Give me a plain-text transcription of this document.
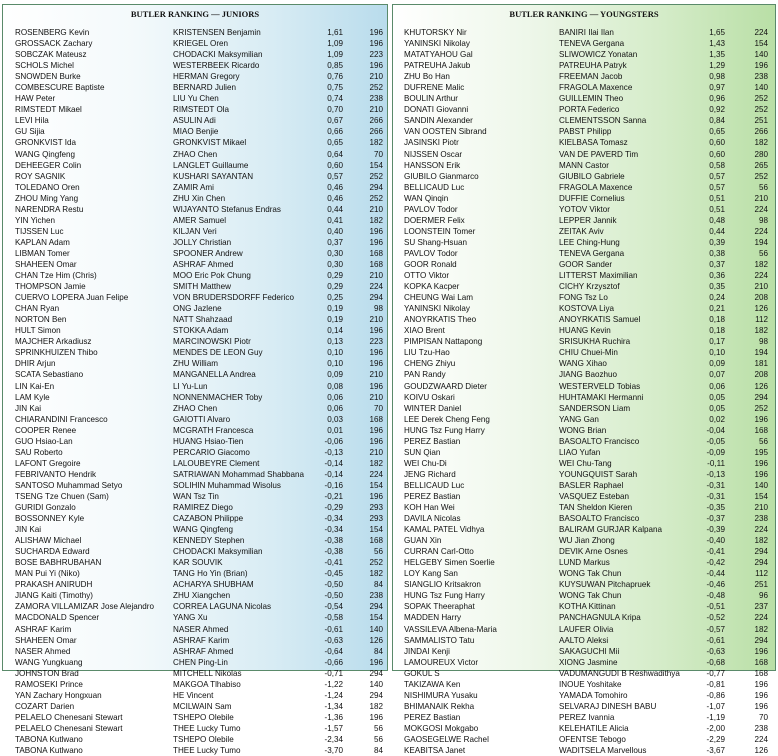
BUTLER RANKING — JUNIORS
ROSENBERG Kevin	KRISTENSEN Benjamin	1,61	196
GROSSACK Zachary	KRIEGEL Oren	1,09	196
SOBCZAK Mateusz	CHODACKI Maksymilian	1,09	223
SCHOLS Michel	WESTERBEEK Ricardo	0,85	196
SNOWDEN Burke	HERMAN Gregory	0,76	210
COMBESCURE Baptiste	BERNARD Julien	0,75	252
HAW Peter	LIU Yu Chen	0,74	238
RIMSTEDT Mikael	RIMSTEDT Ola	0,70	210
LEVI Hila	ASULIN Adi	0,67	266
GU Sijia	MIAO Benjie	0,66	266
GRONKVIST Ida	GRONKVIST Mikael	0,65	182
WANG Qingfeng	ZHAO Chen	0,64	70
DEHEEGER Colin	LANGLET Guillaume	0,60	154
ROY SAGNIK	KUSHARI SAYANTAN	0,57	252
TOLEDANO Oren	ZAMIR Ami	0,46	294
ZHOU Ming Yang	ZHU Xin Chen	0,46	252
NARENDRA Restu	WIJAYANTO Stefanus Endras	0,44	210
YIN Yichen	AMER Samuel	0,41	182
TIJSSEN Luc	KILJAN Veri	0,40	196
KAPLAN Adam	JOLLY Christian	0,37	196
LIBMAN Tomer	SPOONER Andrew	0,30	168
SHAHEEN Omar	ASHRAF Ahmed	0,30	168
CHAN Tze Him (Chris)	MOO Eric Pok Chung	0,29	210
THOMPSON Jamie	SMITH Matthew	0,29	224
CUERVO LOPERA Juan Felipe	VON BRUDERSDORFF Federico	0,25	294
CHAN Ryan	ONG Jazlene	0,19	98
NORTON Ben	NATT Shahzaad	0,19	210
HULT Simon	STOKKA Adam	0,14	196
MAJCHER Arkadiusz	MARCINOWSKI Piotr	0,13	223
SPRINKHUIZEN Thibo	MENDES DE LEON Guy	0,10	196
DHIR Arjun	ZHU William	0,10	196
SCATA Sebastiano	MANGANELLA Andrea	0,09	210
LIN Kai-En	LI Yu-Lun	0,08	196
LAM Kyle	NONNENMACHER Toby	0,06	210
JIN Kai	ZHAO Chen	0,06	70
CHIARANDINI Francesco	GAIOTTI Alvaro	0,03	168
COOPER Renee	MCGRATH Francesca	0,01	196
GUO Hsiao-Lan	HUANG Hsiao-Tien	-0,06	196
SAU Roberto	PERCARIO Giacomo	-0,13	210
LAFONT Gregoire	LALOUBEYRE Clement	-0,14	182
FEBRIVANTO Hendrik	SATRIAWAN Mohammad Shabbana	-0,14	224
SANTOSO Muhammad Setyo	SOLIHIN Muhammad Wisolus	-0,16	154
TSENG Tze Chuen (Sam)	WAN Tsz Tin	-0,21	196
GURIDI Gonzalo	RAMIREZ Diego	-0,29	293
BOSSONNEY Kyle	CAZABON Philippe	-0,34	293
JIN Kai	WANG Qingfeng	-0,34	154
ALISHAW Michael	KENNEDY Stephen	-0,38	168
SUCHARDA Edward	CHODACKI Maksymilian	-0,38	56
BOSE BABHRUBAHAN	KAR SOUVIK	-0,41	252
MAN Pui Yi (Niko)	TANG Ho Yin (Brian)	-0,45	182
PRAKASH ANIRUDH	ACHARYA SHUBHAM	-0,50	84
JIANG Kaiti (Timothy)	ZHU Xiangchen	-0,50	238
ZAMORA VILLAMIZAR Jose Alejandro	CORREA LAGUNA Nicolas	-0,54	294
MACDONALD Spencer	YANG Xu	-0,58	154
ASHRAF Karim	NASER Ahmed	-0,61	140
SHAHEEN Omar	ASHRAF Karim	-0,63	126
NASER Ahmed	ASHRAF Ahmed	-0,64	84
WANG Yungkuang	CHEN Ping-Lin	-0,66	196
JOHNSTON Brad	MITCHELL Nikolas	-0,71	294
RAMOSEKI Prince	MAKGOA Tlhabiso	-1,22	140
YAN Zachary Hongxuan	HE Vincent	-1,24	294
COZART Darien	MCILWAIN Sam	-1,34	182
PELAELO Chenesani Stewart	TSHEPO Olebile	-1,36	196
PELAELO Chenesani Stewart	THEE Lucky Tumo	-1,57	56
TABONA Kutlwano	TSHEPO Olebile	-2,34	56
TABONA Kutlwano	THEE Lucky Tumo	-3,70	84
BUTLER RANKING — YOUNGSTERS
KHUTORSKY Nir	BANIRI Ilai Ilan	1,65	224
YANINSKI Nikolay	TENEVA Gergana	1,43	154
MATATYAHOU Gal	SLIWOWICZ Yonatan	1,35	140
PATREUHA Jakub	PATREUHA Patryk	1,29	196
ZHU Bo Han	FREEMAN Jacob	0,98	238
DUFRENE Malic	FRAGOLA Maxence	0,97	140
BOULIN Arthur	GUILLEMIN Theo	0,96	252
DONATI Giovanni	PORTA Federico	0,92	252
SANDIN Alexander	CLEMENTSSON Sanna	0,84	251
VAN OOSTEN Sibrand	PABST Philipp	0,65	266
JASINSKI Piotr	KIELBASA Tomasz	0,60	182
NIJSSEN Oscar	VAN DE PAVERD Tim	0,60	280
HANSSON Erik	MANN Castor	0,58	265
GIUBILO Gianmarco	GIUBILO Gabriele	0,57	252
BELLICAUD Luc	FRAGOLA Maxence	0,57	56
WAN Qinqin	DUFFIE Cornelius	0,51	210
PAVLOV Todor	YOTOV Viktor	0,51	224
DOERMER Felix	LEPPER Jannik	0,48	98
LOONSTEIN Tomer	ZEITAK Aviv	0,44	224
SU Shang-Hsuan	LEE Ching-Hung	0,39	194
PAVLOV Todor	TENEVA Gergana	0,38	56
GOOR Ronald	GOOR Sander	0,37	182
OTTO Viktor	LITTERST Maximilian	0,36	224
KOPKA Kacper	CICHY Krzysztof	0,35	210
CHEUNG Wai Lam	FONG Tsz Lo	0,24	208
YANINSKI Nikolay	KOSTOVA Liya	0,21	126
ANOYRKATIS Theo	ANOYRKATIS Samuel	0,18	112
XIAO Brent	HUANG Kevin	0,18	182
PIMPISAN Nattapong	SRISUKHA Ruchira	0,17	98
LIU Tzu-Hao	CHIU Chuei-Min	0,10	194
CHENG Zhiyu	WANG Xihao	0,09	181
PAN Randy	JIANG Baozhuo	0,07	208
GOUDZWAARD Dieter	WESTERVELD Tobias	0,06	126
KOIVU Oskari	HUHTAMAKI Hermanni	0,05	294
WINTER Daniel	SANDERSON Liam	0,05	252
LEE Derek Cheng Feng	YANG Gan	0,02	196
HUNG Tsz Fung Harry	WONG Brian	-0,04	168
PEREZ Bastian	BASOALTO Francisco	-0,05	56
SUN Qian	LIAO Yufan	-0,09	195
WEI Chu-Di	WEI Chu-Tang	-0,11	196
JENG Richard	YOUNGQUIST Sarah	-0,13	196
BELLICAUD Luc	BASLER Raphael	-0,31	140
PEREZ Bastian	VASQUEZ Esteban	-0,31	154
KOH Han Wei	TAN Sheldon Kieren	-0,35	210
DAVILA Nicolas	BASOALTO Francisco	-0,37	238
KAMAL PATEL Vidhya	BALIRAM GURJAR Kalpana	-0,39	224
GUAN Xin	WU Jian Zhong	-0,40	182
CURRAN Carl-Otto	DEVIK Arne Osnes	-0,41	294
HELGEBY Simen Soerlie	LUND Markus	-0,42	294
LOY Kang San	WONG Tak Chun	-0,44	112
SIANGLIO Kritsakron	KUYSUWAN Pitchapruek	-0,46	251
HUNG Tsz Fung Harry	WONG Tak Chun	-0,48	96
SOPAK Theeraphat	KOTHA Kittinan	-0,51	237
MADDEN Harry	PANCHAGNULA Kripa	-0,52	224
VASSILEVA Albena-Maria	LAUFER Olivia	-0,57	182
SAMMALISTO Tatu	AALTO Aleksi	-0,61	294
JINDAI Kenji	SAKAGUCHI Mii	-0,63	196
LAMOUREUX Victor	XIONG Jasmine	-0,68	168
GOKUL S	VADUMANGUDI B Reshwadithya	-0,77	168
TAKIZAWA Ken	INOUE Yoshitake	-0,81	196
NISHIMURA Yusaku	YAMADA Tomohiro	-0,86	196
BHIMANAIK Rekha	SELVARAJ DINESH BABU	-1,07	196
PEREZ Bastian	PEREZ Ivannia	-1,19	70
MOKGOSI Mokgabo	KELEHATILE Alicia	-2,00	238
GAOSEGELWE Rachel	OFENTSE Tebogo	-2,29	224
KEABITSA Janet	WADITSELA Marvellous	-3,67	126
